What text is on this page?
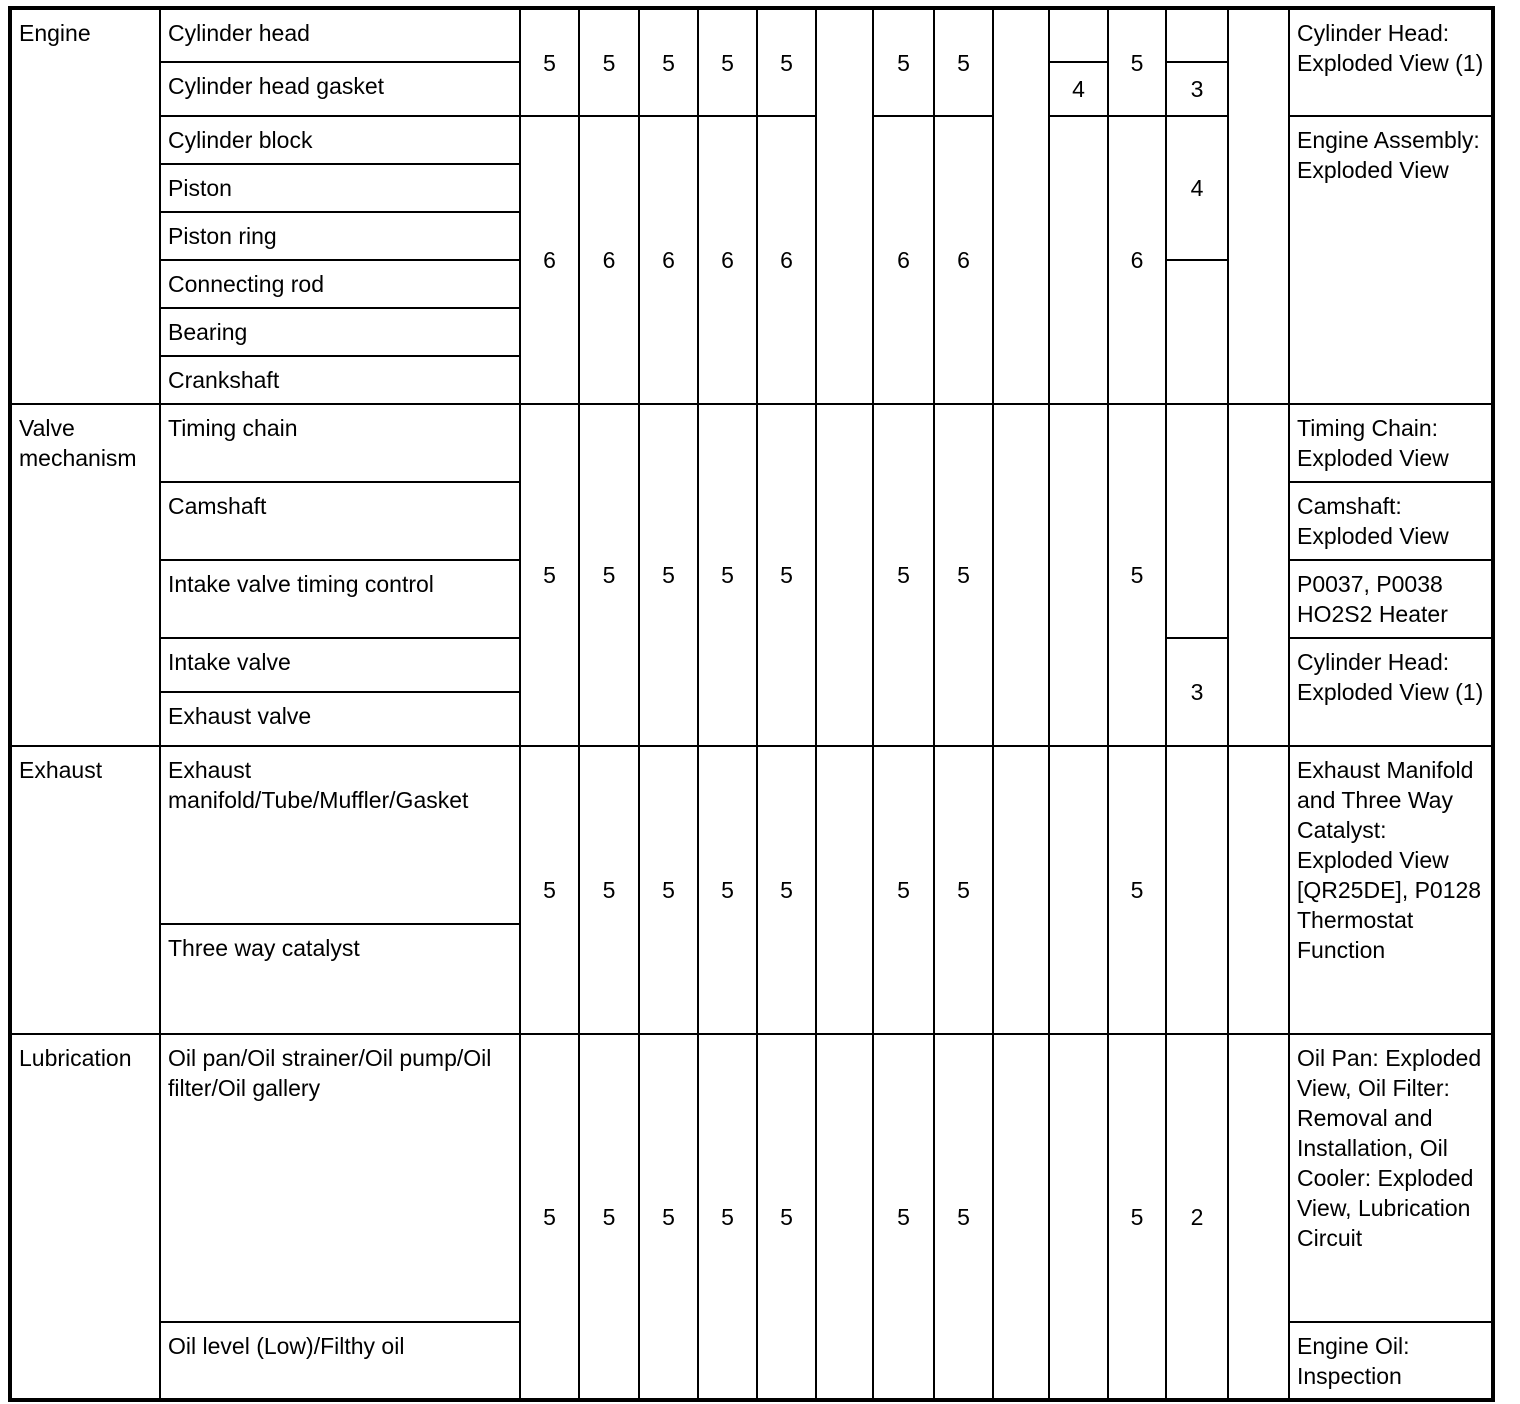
Engine	Cylinder head	5	5	5	5	5		5	5			5			Cylinder Head: Exploded View (1)
	Cylinder head gasket										4		3		
	Cylinder block	6	6	6	6	6		6	6			6	4		Engine Assembly: Exploded View
	Piston														
	Piston ring														
	Connecting rod														
	Bearing														
	Crankshaft														
Valve mechanism	Timing chain	5	5	5	5	5		5	5			5			Timing Chain: Exploded View
	Camshaft														Camshaft: Exploded View
	Intake valve timing control														P0037, P0038 HO2S2 Heater
	Intake valve												3		Cylinder Head: Exploded View (1)
	Exhaust valve														
Exhaust	Exhaust manifold/Tube/Muffler/Gasket	5	5	5	5	5		5	5			5			Exhaust Manifold and Three Way Catalyst: Exploded View [QR25DE], P0128 Thermostat Function
	Three way catalyst														
Lubrication	Oil pan/Oil strainer/Oil pump/Oil filter/Oil gallery	5	5	5	5	5		5	5			5	2		Oil Pan: Exploded View, Oil Filter: Removal and Installation, Oil Cooler: Exploded View, Lubrication Circuit
	Oil level (Low)/Filthy oil														Engine Oil: Inspection
